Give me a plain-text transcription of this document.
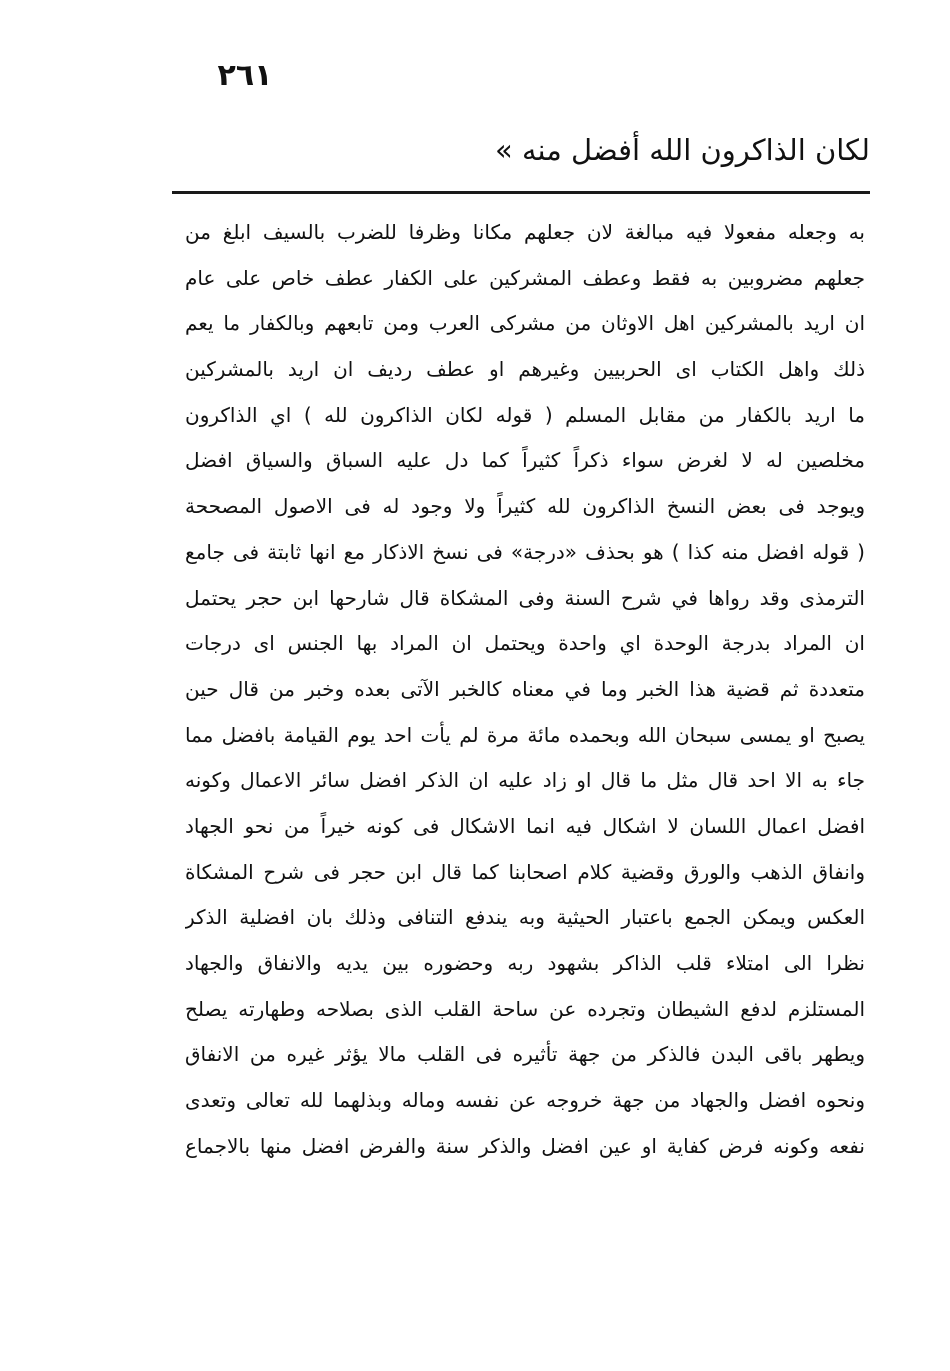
٢٦١
لكان الذاكرون الله أفضل منه »
به وجعله مفعولا فيه مبالغة لان جعلهم مكانا وظرفا للضرب بالسيف ابلغ من
جعلهم مضروبين به فقط وعطف المشركين على الكفار عطف خاص على عام
ان اريد بالمشركين اهل الاوثان من مشركى العرب ومن تابعهم وبالكفار ما يعم
ذلك واهل الكتاب اى الحربيين وغيرهم او عطف رديف ان اريد بالمشركين
ما اريد بالكفار من مقابل المسلم ( قوله لكان الذاكرون لله ) اي الذاكرون
مخلصين له لا لغرض سواء ذكراً كثيراً كما دل عليه السباق والسياق افضل
ويوجد فى بعض النسخ الذاكرون لله كثيراً ولا وجود له فى الاصول المصححة
( قوله افضل منه كذا ) هو بحذف «درجة» فى نسخ الاذكار مع انها ثابتة فى جامع
الترمذى وقد رواها في شرح السنة وفى المشكاة قال شارحها ابن حجر يحتمل
ان المراد بدرجة الوحدة اي واحدة ويحتمل ان المراد بها الجنس اى درجات
متعددة ثم قضية هذا الخبر وما في معناه كالخبر الآتى بعده وخبر من قال حين
يصبح او يمسى سبحان الله وبحمده مائة مرة لم يأت احد يوم القيامة بافضل مما
جاء به الا احد قال مثل ما قال او زاد عليه ان الذكر افضل سائر الاعمال وكونه
افضل اعمال اللسان لا اشكال فيه انما الاشكال فى كونه خيراً من نحو الجهاد
وانفاق الذهب والورق وقضية كلام اصحابنا كما قال ابن حجر فى شرح المشكاة
العكس ويمكن الجمع باعتبار الحيثية وبه يندفع التنافى وذلك بان افضلية الذكر
نظرا الى امتلاء قلب الذاكر بشهود ربه وحضوره بين يديه والانفاق والجهاد
المستلزم لدفع الشيطان وتجرده عن ساحة القلب الذى بصلاحه وطهارته يصلح
ويطهر باقى البدن فالذكر من جهة تأثيره فى القلب مالا يؤثر غيره من الانفاق
ونحوه افضل والجهاد من جهة خروجه عن نفسه وماله وبذلهما لله تعالى وتعدى
نفعه وكونه فرض كفاية او عين افضل والذكر سنة والفرض افضل منها بالاجماع
